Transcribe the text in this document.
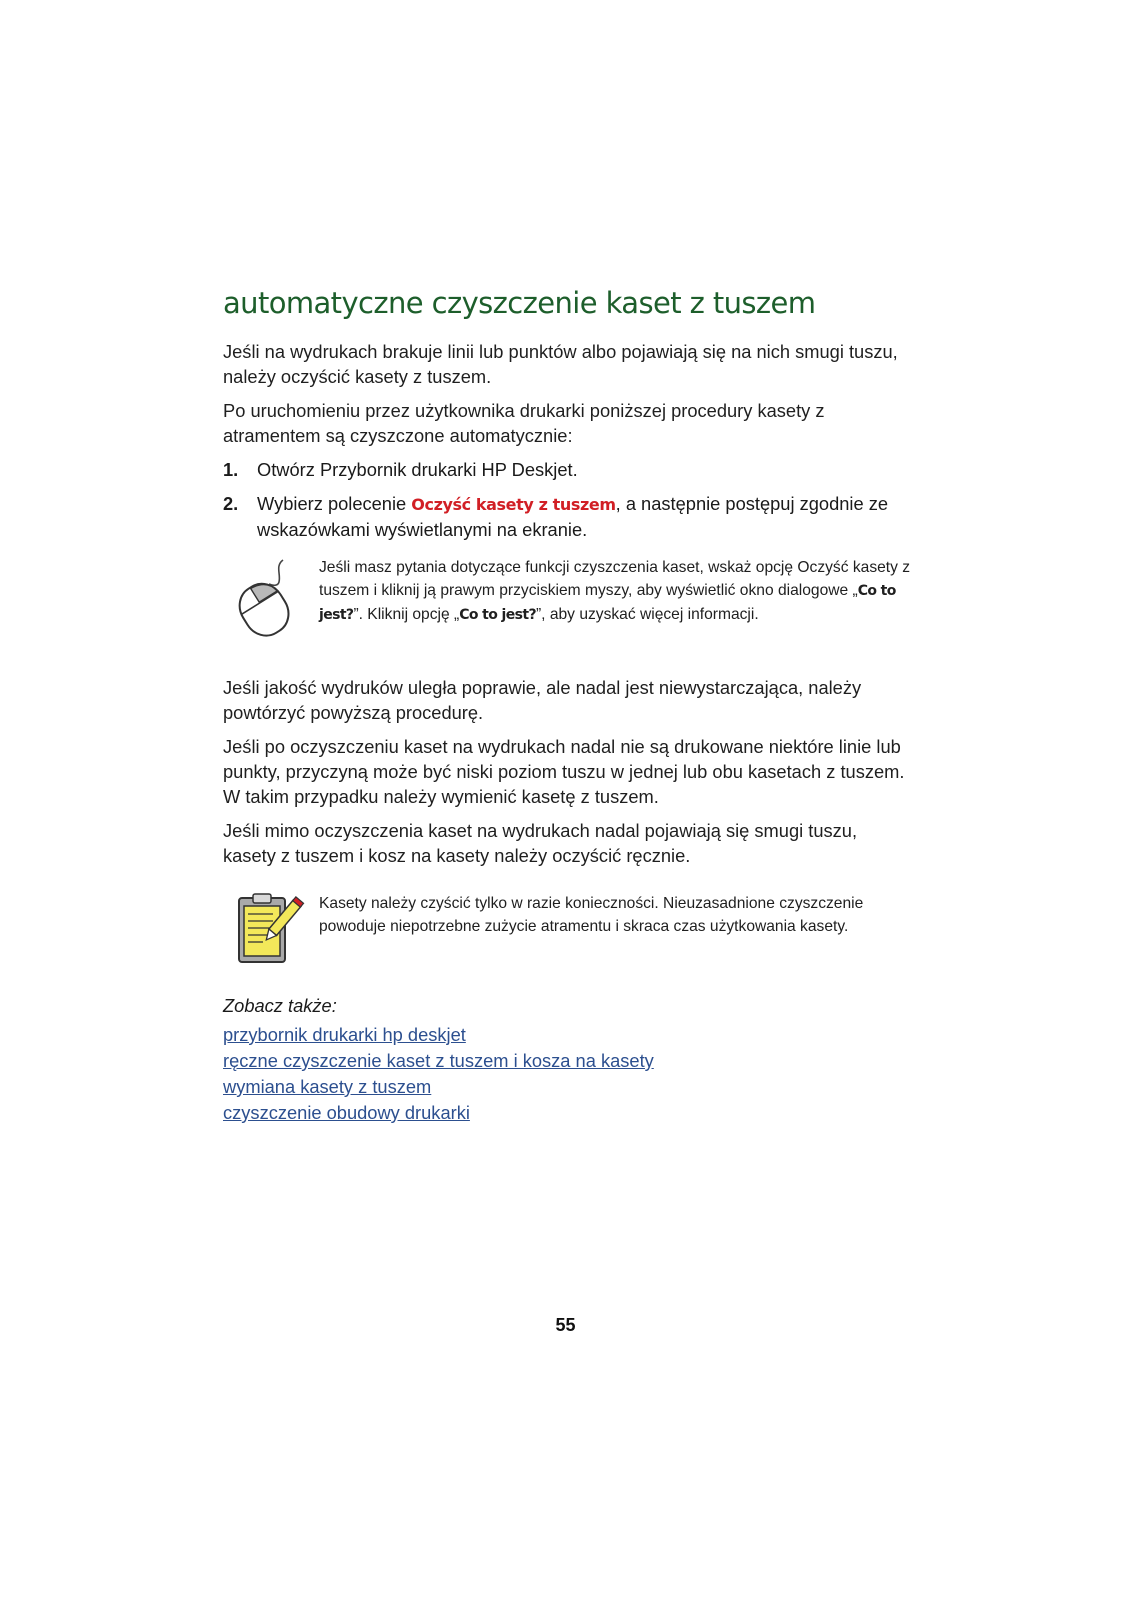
automatyczne czyszczenie kaset z tuszem

Jeśli na wydrukach brakuje linii lub punktów albo pojawiają się na nich smugi tuszu, należy oczyścić kasety z tuszem.

Po uruchomieniu przez użytkownika drukarki poniższej procedury kasety z atramentem są czyszczone automatycznie:

1.	Otwórz Przybornik drukarki HP Deskjet.
2.	Wybierz polecenie Oczyść kasety z tuszem, a następnie postępuj zgodnie ze wskazówkami wyświetlanymi na ekranie.
Jeśli masz pytania dotyczące funkcji czyszczenia kaset, wskaż opcję Oczyść kasety z tuszem i kliknij ją prawym przyciskiem myszy, aby wyświetlić okno dialogowe „Co to jest?”. Kliknij opcję „Co to jest?”, aby uzyskać więcej informacji.

Jeśli jakość wydruków uległa poprawie, ale nadal jest niewystarczająca, należy powtórzyć powyższą procedurę.

Jeśli po oczyszczeniu kaset na wydrukach nadal nie są drukowane niektóre linie lub punkty, przyczyną może być niski poziom tuszu w jednej lub obu kasetach z tuszem. W takim przypadku należy wymienić kasetę z tuszem.

Jeśli mimo oczyszczenia kaset na wydrukach nadal pojawiają się smugi tuszu, kasety z tuszem i kosz na kasety należy oczyścić ręcznie.

Kasety należy czyścić tylko w razie konieczności. Nieuzasadnione czyszczenie powoduje niepotrzebne zużycie atramentu i skraca czas użytkowania kasety.
Zobacz także:
przybornik drukarki hp deskjet
ręczne czyszczenie kaset z tuszem i kosza na kasety
wymiana kasety z tuszem
czyszczenie obudowy drukarki
55
